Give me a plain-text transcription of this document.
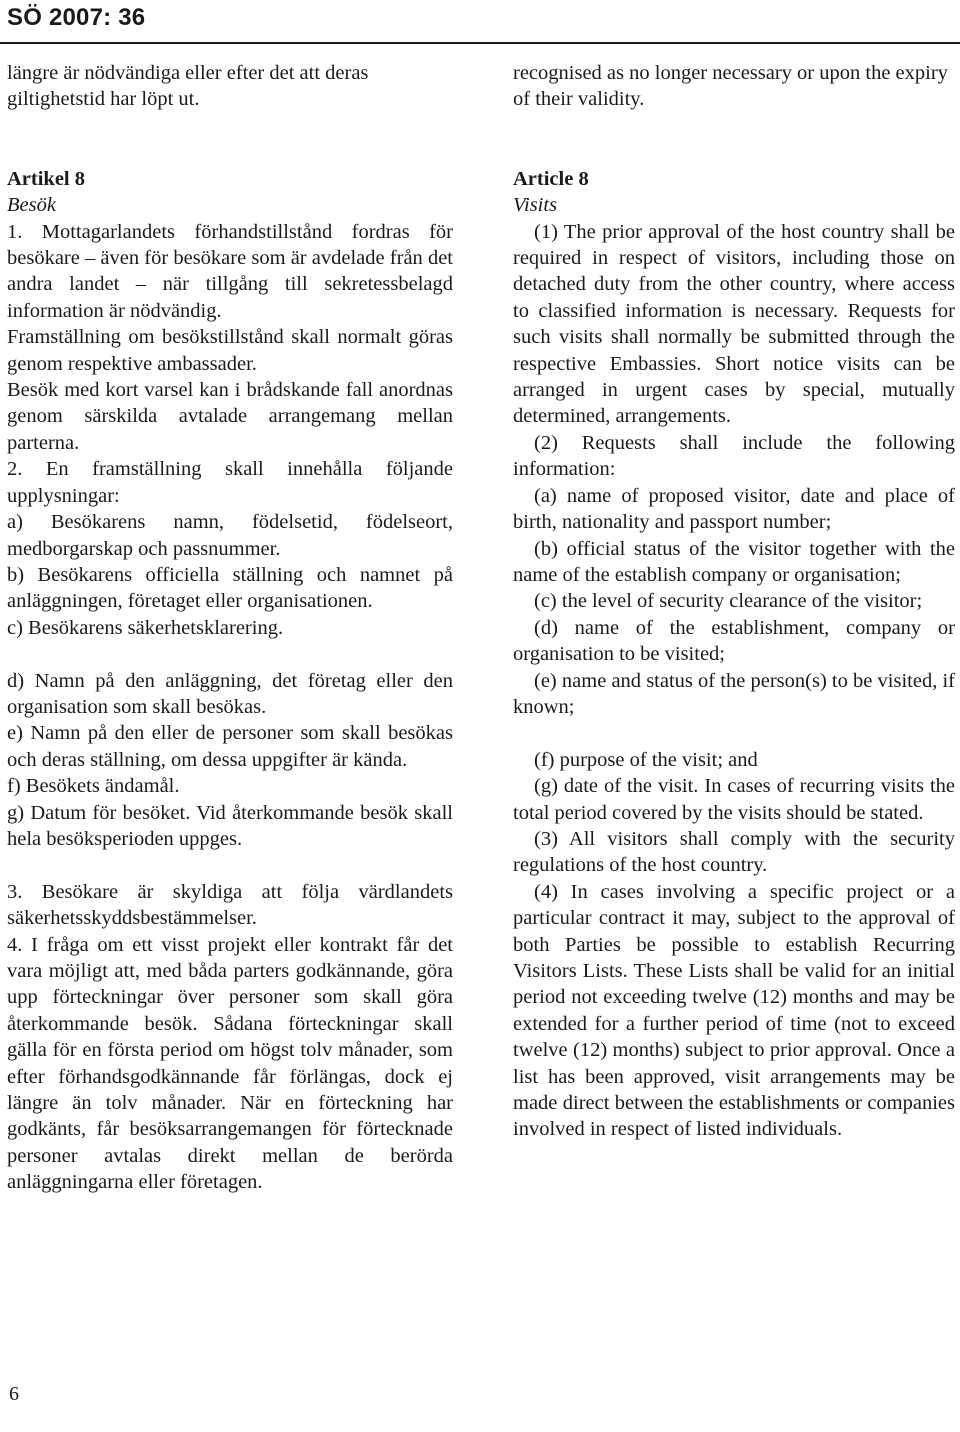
SÖ 2007: 36

längre är nödvändiga eller efter det att deras giltighetstid har löpt ut.

Artikel 8

Besök

1. Mottagarlandets förhandstillstånd fordras för besökare – även för besökare som är avdelade från det andra landet – när tillgång till sekretessbelagd information är nödvändig.

Framställning om besökstillstånd skall normalt göras genom respektive ambassader.

Besök med kort varsel kan i brådskande fall anordnas genom särskilda avtalade arrangemang mellan parterna.

2. En framställning skall innehålla följande upplysningar:

a) Besökarens namn, födelsetid, födelseort, medborgarskap och passnummer.

b) Besökarens officiella ställning och namnet på anläggningen, företaget eller organisationen.

c) Besökarens säkerhetsklarering.

d) Namn på den anläggning, det företag eller den organisation som skall besökas.

e) Namn på den eller de personer som skall besökas och deras ställning, om dessa uppgifter är kända.

f) Besökets ändamål.

g) Datum för besöket. Vid återkommande besök skall hela besöksperioden uppges.

3. Besökare är skyldiga att följa värdlandets säkerhetsskyddsbestämmelser.

4. I fråga om ett visst projekt eller kontrakt får det vara möjligt att, med båda parters godkännande, göra upp förteckningar över personer som skall göra återkommande besök. Sådana förteckningar skall gälla för en första period om högst tolv månader, som efter förhandsgodkännande får förlängas, dock ej längre än tolv månader. När en förteckning har godkänts, får besöksarrangemangen för förtecknade personer avtalas direkt mellan de berörda anläggningarna eller företagen.

recognised as no longer necessary or upon the expiry of their validity.

Article 8

Visits

(1) The prior approval of the host country shall be required in respect of visitors, including those on detached duty from the other country, where access to classified information is necessary. Requests for such visits shall normally be submitted through the respective Embassies. Short notice visits can be arranged in urgent cases by special, mutually determined, arrangements.

(2) Requests shall include the following information:

(a) name of proposed visitor, date and place of birth, nationality and passport number;

(b) official status of the visitor together with the name of the establish company or organisation;

(c) the level of security clearance of the visitor;

(d) name of the establishment, company or organisation to be visited;

(e) name and status of the person(s) to be visited, if known;

(f) purpose of the visit; and

(g) date of the visit. In cases of recurring visits the total period covered by the visits should be stated.

(3) All visitors shall comply with the security regulations of the host country.

(4) In cases involving a specific project or a particular contract it may, subject to the approval of both Parties be possible to establish Recurring Visitors Lists. These Lists shall be valid for an initial period not exceeding twelve (12) months and may be extended for a further period of time (not to exceed twelve (12) months) subject to prior approval. Once a list has been approved, visit arrangements may be made direct between the establishments or companies involved in respect of listed individuals.

6
